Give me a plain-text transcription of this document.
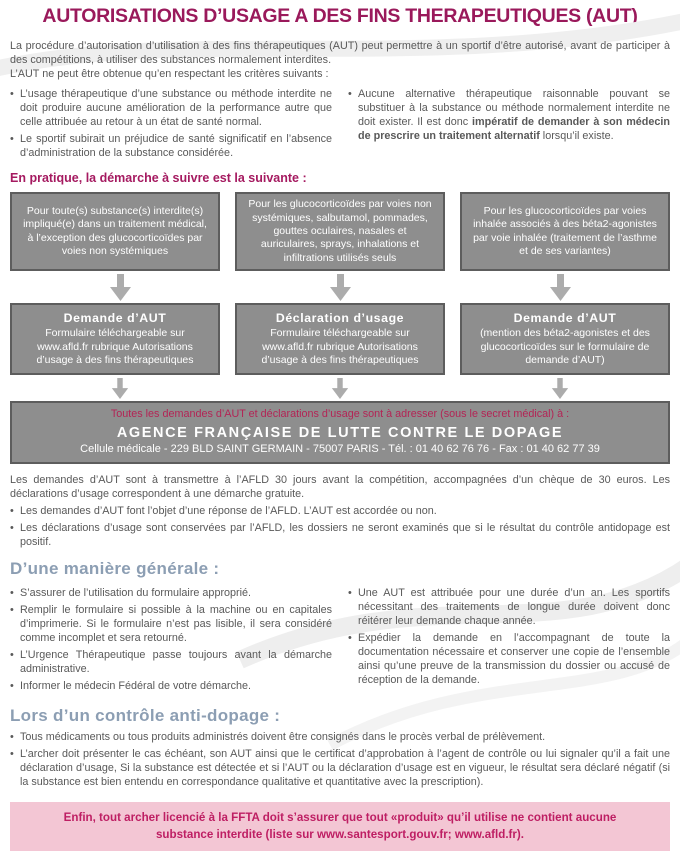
AUTORISATIONS D’USAGE A DES FINS THERAPEUTIQUES (AUT)

La procédure d’autorisation d’utilisation à des fins thérapeutiques (AUT) peut permettre à un sportif d’être autorisé, avant de participer à des compétitions, à utiliser des substances normalement interdites.
L’AUT ne peut être obtenue qu’en respectant les critères suivants :

• L’usage thérapeutique d’une substance ou méthode interdite ne doit produire aucune amélioration de la performance autre que celle attribuée au retour à un état de santé normal.
• Le sportif subirait un préjudice de santé significatif en l’absence d’administration de la substance considérée.
• Aucune alternative thérapeutique raisonnable pouvant se substituer à la substance ou méthode normalement interdite ne doit exister. Il est donc impératif de demander à son médecin de prescrire un traitement alternatif lorsqu’il existe.
En pratique, la démarche à suivre est la suivante :
Pour toute(s) substance(s) interdite(s) impliqué(e) dans un traitement médical, à l’exception des glucocorticoïdes par voies non systémiques
Pour les glucocorticoïdes par voies non systémiques, salbutamol, pommades, gouttes oculaires, nasales et auriculaires, sprays, inhalations et infiltrations utilisés seuls
Pour les glucocorticoïdes par voies inhalée associés à des béta2-agonistes par voie inhalée (traitement de l’asthme et de ses variantes)
Demande d’AUT
Formulaire téléchargeable sur www.afld.fr rubrique Autorisations d’usage à des fins thérapeutiques
Déclaration d’usage
Formulaire téléchargeable sur www.afld.fr rubrique Autorisations d’usage à des fins thérapeutiques
Demande d’AUT
(mention des béta2-agonistes et des glucocorticoïdes sur le formulaire de demande d’AUT)
Toutes les demandes d’AUT et déclarations d’usage sont à adresser (sous le secret médical) à :
AGENCE FRANÇAISE DE LUTTE CONTRE LE DOPAGE
Cellule médicale - 229 BLD SAINT GERMAIN - 75007 PARIS - Tél. : 01 40 62 76 76 - Fax : 01 40 62 77 39

Les demandes d’AUT sont à transmettre à l’AFLD 30 jours avant la compétition, accompagnées d’un chèque de 30 euros. Les déclarations d’usage correspondent à une démarche gratuite.

• Les demandes d’AUT font l’objet d’une réponse de l’AFLD. L’AUT est accordée ou non.
• Les déclarations d’usage sont conservées par l’AFLD, les dossiers ne seront examinés que si le résultat du contrôle antidopage est positif.
D’une manière générale :
• S’assurer de l’utilisation du formulaire approprié.
• Remplir le formulaire si possible à la machine ou en capitales d’imprimerie. Si le formulaire n’est pas lisible, il sera considéré comme incomplet et sera retourné.
• L’Urgence Thérapeutique passe toujours avant la démarche administrative.
• Informer le médecin Fédéral de votre démarche.
• Une AUT est attribuée pour une durée d’un an. Les sportifs nécessitant des traitements de longue durée doivent donc réitérer leur demande chaque année.
• Expédier la demande en l’accompagnant de toute la documentation nécessaire et conserver une copie de l’ensemble ainsi qu’une preuve de la transmission du dossier ou accusé de réception de la demande.
Lors d’un contrôle anti-dopage :
• Tous médicaments ou tous produits administrés doivent être consignés dans le procès verbal de prélèvement.
• L’archer doit présenter le cas échéant, son AUT ainsi que le certificat d’approbation à l’agent de contrôle ou lui signaler qu’il a fait une déclaration d’usage, Si la substance est détectée et si l’AUT ou la déclaration d’usage est en vigueur, le résultat sera déclaré négatif (si la substance est bien entendu en correspondance qualitative et quantitative avec la prescription).
Enfin, tout archer licencié à la FFTA doit s’assurer que tout «produit» qu’il utilise ne contient aucune substance interdite (liste sur www.santesport.gouv.fr; www.afld.fr).
